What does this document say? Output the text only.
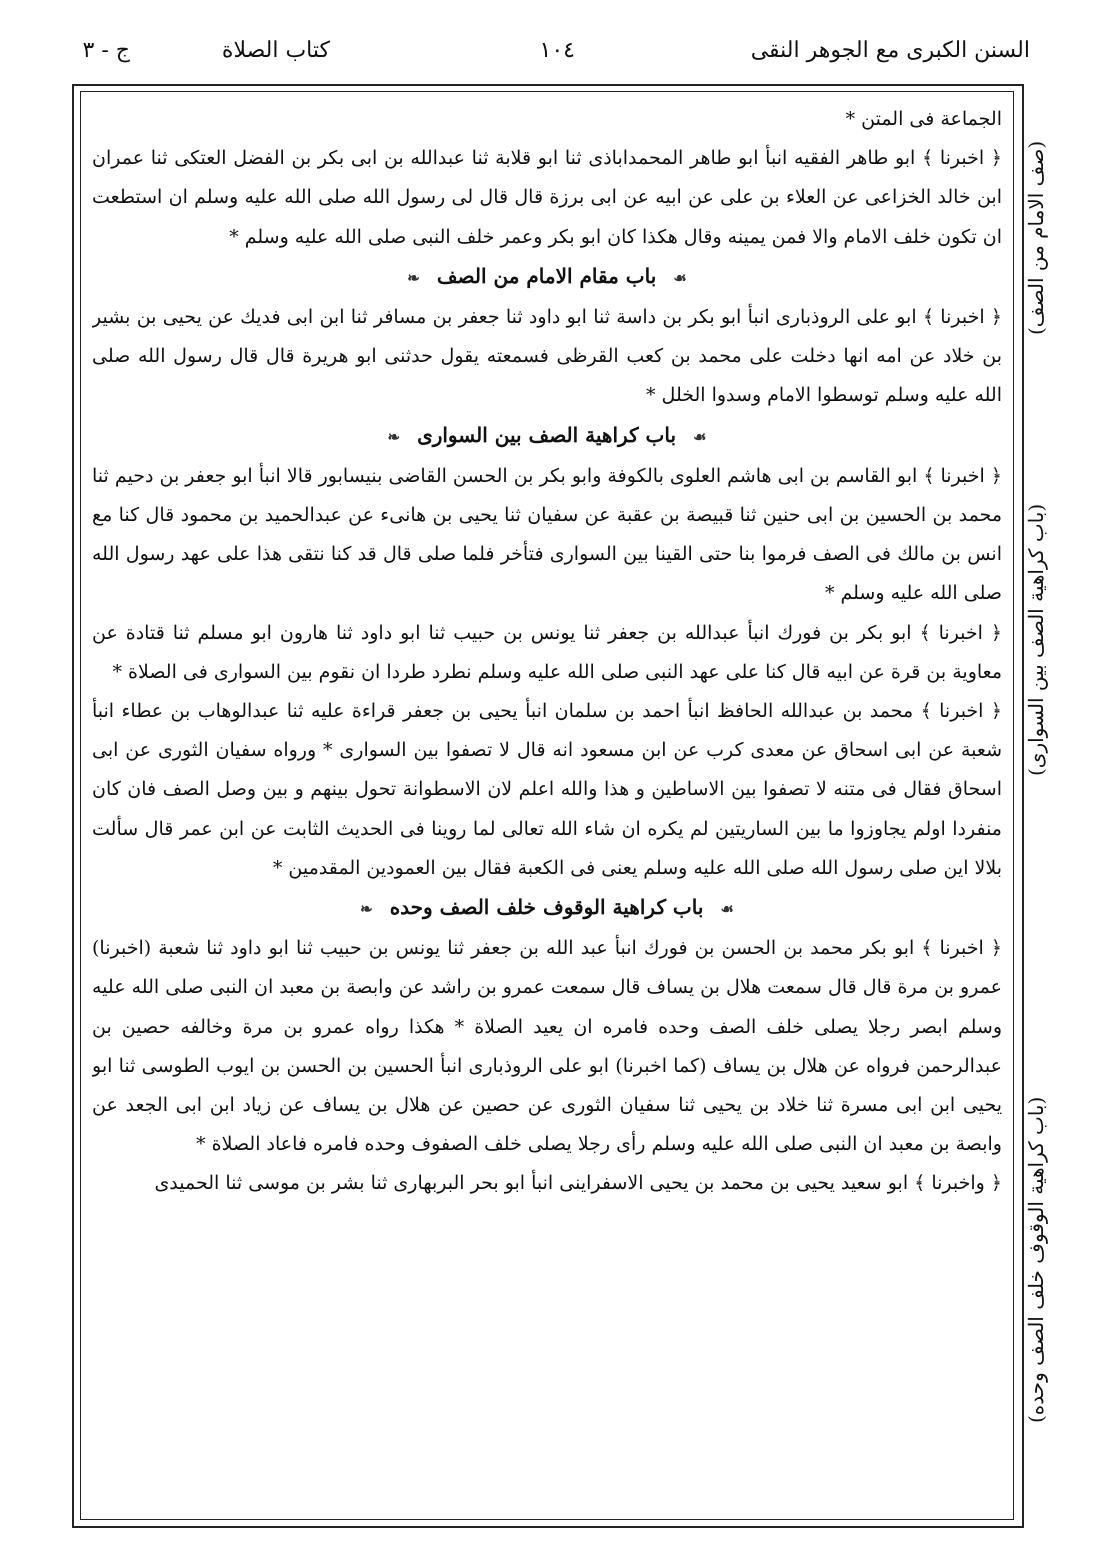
السنن الكبرى مع الجوهر النقى
١٠٤
كتاب الصلاة
ج - ٣
(صف الامام من الصف)
(باب كراهية الصف بين السوارى)
(باب كراهية الوقوف خلف الصف وحده)

الجماعة فى المتن *

﴿ اخبرنا ﴾ ابو طاهر الفقيه انبأ ابو طاهر المحمداباذى ثنا ابو قلابة ثنا عبدالله بن ابى بكر بن الفضل العتكى ثنا عمران ابن خالد الخزاعى عن العلاء بن على عن ابيه عن ابى برزة قال قال لى رسول الله صلى الله عليه وسلم ان استطعت ان تكون خلف الامام والا فمن يمينه وقال هكذا كان ابو بكر وعمر خلف النبى صلى الله عليه وسلم *

☙ باب مقام الامام من الصف ❧

﴿ اخبرنا ﴾ ابو على الروذبارى انبأ ابو بكر بن داسة ثنا ابو داود ثنا جعفر بن مسافر ثنا ابن ابى فديك عن يحيى بن بشير بن خلاد عن امه انها دخلت على محمد بن كعب القرظى فسمعته يقول حدثنى ابو هريرة قال قال رسول الله صلى الله عليه وسلم توسطوا الامام وسدوا الخلل *

☙ باب كراهية الصف بين السوارى ❧

﴿ اخبرنا ﴾ ابو القاسم بن ابى هاشم العلوى بالكوفة وابو بكر بن الحسن القاضى بنيسابور قالا انبأ ابو جعفر بن دحيم ثنا محمد بن الحسين بن ابى حنين ثنا قبيصة بن عقبة عن سفيان ثنا يحيى بن هانىء عن عبدالحميد بن محمود قال كنا مع انس بن مالك فى الصف فرموا بنا حتى القينا بين السوارى فتأخر فلما صلى قال قد كنا نتقى هذا على عهد رسول الله صلى الله عليه وسلم *

﴿ اخبرنا ﴾ ابو بكر بن فورك انبأ عبدالله بن جعفر ثنا يونس بن حبيب ثنا ابو داود ثنا هارون ابو مسلم ثنا قتادة عن معاوية بن قرة عن ابيه قال كنا على عهد النبى صلى الله عليه وسلم نطرد طردا ان نقوم بين السوارى فى الصلاة *

﴿ اخبرنا ﴾ محمد بن عبدالله الحافظ انبأ احمد بن سلمان انبأ يحيى بن جعفر قراءة عليه ثنا عبدالوهاب بن عطاء انبأ شعبة عن ابى اسحاق عن معدى كرب عن ابن مسعود انه قال لا تصفوا بين السوارى * ورواه سفيان الثورى عن ابى اسحاق فقال فى متنه لا تصفوا بين الاساطين و هذا والله اعلم لان الاسطوانة تحول بينهم و بين وصل الصف فان كان منفردا اولم يجاوزوا ما بين الساريتين لم يكره ان شاء الله تعالى لما روينا فى الحديث الثابت عن ابن عمر قال سألت بلالا اين صلى رسول الله صلى الله عليه وسلم يعنى فى الكعبة فقال بين العمودين المقدمين *

☙ باب كراهية الوقوف خلف الصف وحده ❧

﴿ اخبرنا ﴾ ابو بكر محمد بن الحسن بن فورك انبأ عبد الله بن جعفر ثنا يونس بن حبيب ثنا ابو داود ثنا شعبة (اخبرنا) عمرو بن مرة قال قال سمعت هلال بن يساف قال سمعت عمرو بن راشد عن وابصة بن معبد ان النبى صلى الله عليه وسلم ابصر رجلا يصلى خلف الصف وحده فامره ان يعيد الصلاة * هكذا رواه عمرو بن مرة وخالفه حصين بن عبدالرحمن فرواه عن هلال بن يساف (كما اخبرنا) ابو على الروذبارى انبأ الحسين بن الحسن بن ايوب الطوسى ثنا ابو يحيى ابن ابى مسرة ثنا خلاد بن يحيى ثنا سفيان الثورى عن حصين عن هلال بن يساف عن زياد ابن ابى الجعد عن وابصة بن معبد ان النبى صلى الله عليه وسلم رأى رجلا يصلى خلف الصفوف وحده فامره فاعاد الصلاة *

﴿ واخبرنا ﴾ ابو سعيد يحيى بن محمد بن يحيى الاسفراينى انبأ ابو بحر البربهارى ثنا بشر بن موسى ثنا الحميدى
